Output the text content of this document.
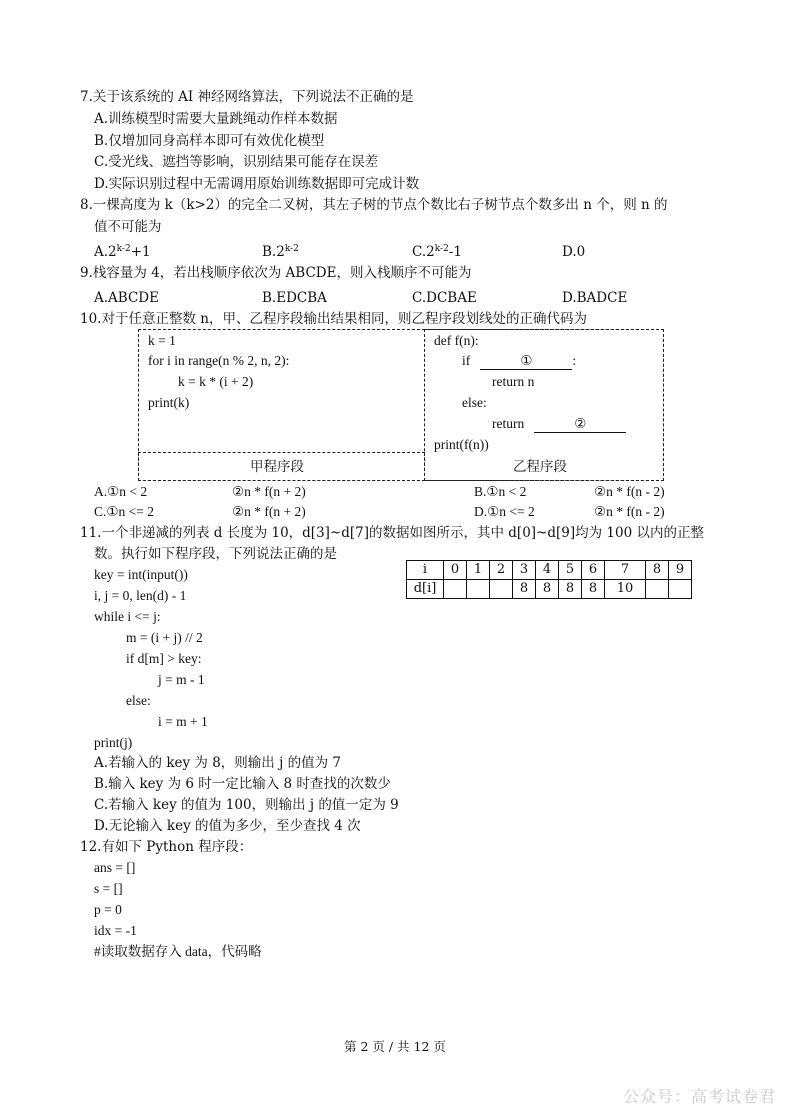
7.关于该系统的 AI 神经网络算法，下列说法不正确的是
A.训练模型时需要大量跳绳动作样本数据
B.仅增加同身高样本即可有效优化模型
C.受光线、遮挡等影响，识别结果可能存在误差
D.实际识别过程中无需调用原始训练数据即可完成计数
8.一棵高度为 k（k>2）的完全二叉树，其左子树的节点个数比右子树节点个数多出 n 个，则 n 的
值不可能为
$A.2^{k-2}+1$	B.2$^{k-2}$	C.2$^{k-2}$-1	D.0
9.栈容量为 4，若出栈顺序依次为 ABCDE，则入栈顺序不可能为
A.ABCDE	B.EDCBA	C.DCBAE	D.BADCE
10.对于任意正整数 n，甲、乙程序段输出结果相同，则乙程序段划线处的正确代码为
k = 1
for i in range(n % 2, n, 2):
k = k * (i + 2)
print(k)
def f(n):
if	①	:
return n
else:
return	②
print(f(n))
甲程序段	乙程序段
A.①n < 2	②n * f(n + 2)	B.①n < 2	②n * f(n - 2)
C.①n <= 2	②n * f(n + 2)	D.①n <= 2	②n * f(n - 2)
11.一个非递减的列表 d 长度为 10，d[3]~d[7]的数据如图所示，其中 d[0]~d[9]均为 100 以内的正整
数。执行如下程序段，下列说法正确的是
i	0	1	2	3	4	5	6	7	8	9
d[i]				8	8	8	8	10		
key = int(input())
i, j = 0, len(d) - 1
while i <= j:
m = (i + j) // 2
if d[m] > key:
j = m - 1
else:
i = m + 1
print(j)
A.若输入的 key 为 8，则输出 j 的值为 7
B.输入 key 为 6 时一定比输入 8 时查找的次数少
C.若输入 key 的值为 100，则输出 j 的值一定为 9
D.无论输入 key 的值为多少，至少查找 4 次
12.有如下 Python 程序段：
ans = []
s = []
p = 0
idx = -1
#读取数据存入 data，代码略
第 2 页 / 共 12 页
公众号：高考试卷君
